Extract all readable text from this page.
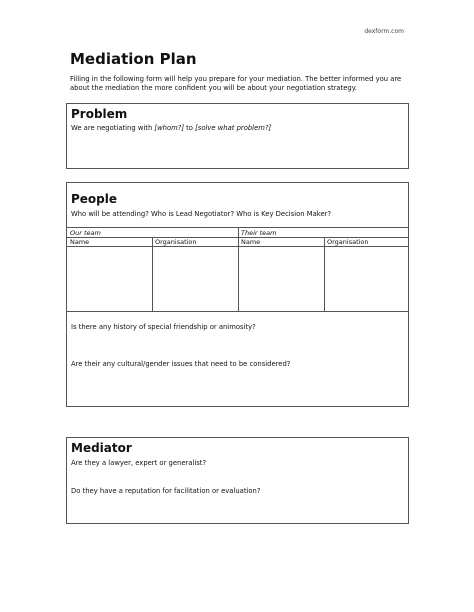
dexform.com
Mediation Plan
Filling in the following form will help you prepare for your mediation. The better informed you are about the mediation the more confident you will be about your negotiation strategy.
Problem
We are negotiating with [whom?] to [solve what problem?]
People
Who will be attending? Who is Lead Negotiator? Who is Key Decision Maker?
Our team	Their team
Name	Organisation	Name	Organisation
Is there any history of special friendship or animosity?
Are their any cultural/gender issues that need to be considered?
Mediator
Are they a lawyer, expert or generalist?
Do they have a reputation for facilitation or evaluation?
